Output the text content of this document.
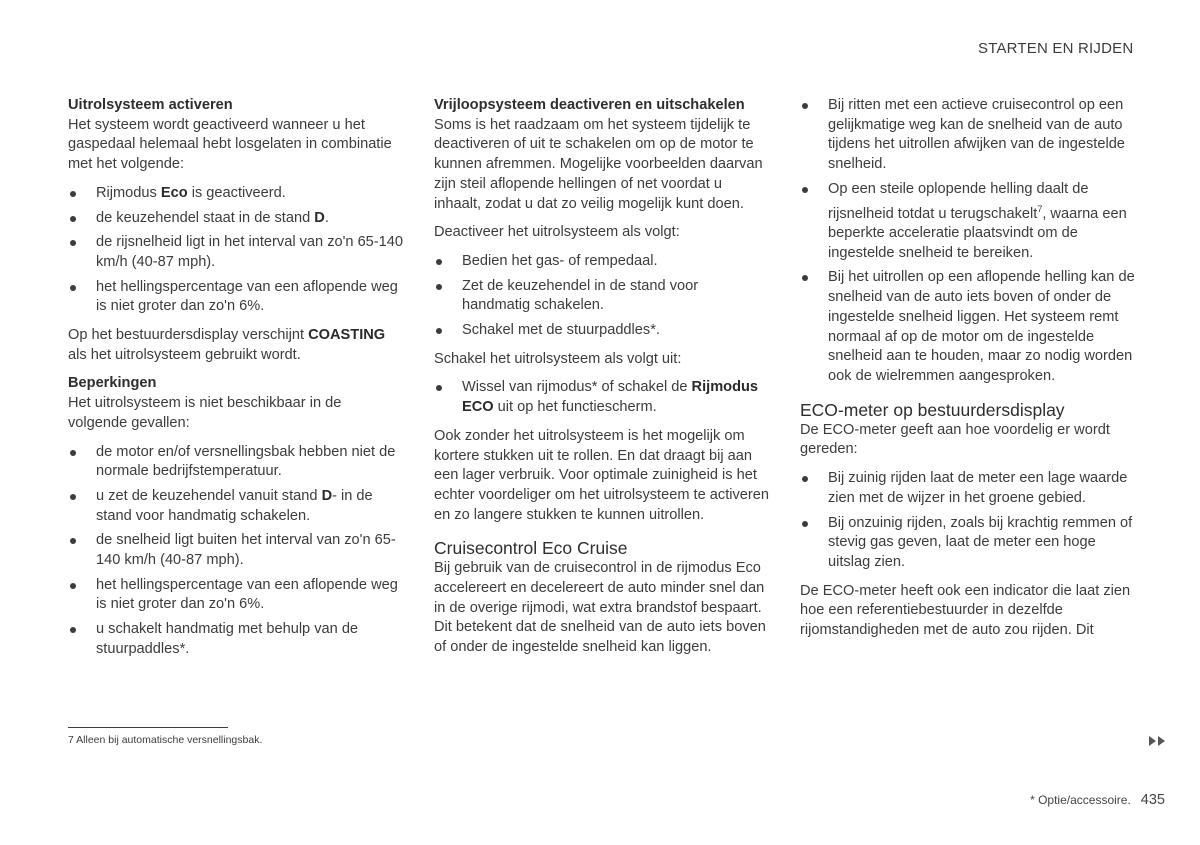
STARTEN EN RIJDEN
Uitrolsysteem activeren

Het systeem wordt geactiveerd wanneer u het gaspedaal helemaal hebt losgelaten in combinatie met het volgende:

Rijmodus Eco is geactiveerd.
de keuzehendel staat in de stand D.
de rijsnelheid ligt in het interval van zo'n 65-140 km/h (40-87 mph).
het hellingspercentage van een aflopende weg is niet groter dan zo'n 6%.

Op het bestuurdersdisplay verschijnt COASTING als het uitrolsysteem gebruikt wordt.

Beperkingen

Het uitrolsysteem is niet beschikbaar in de volgende gevallen:

de motor en/of versnellingsbak hebben niet de normale bedrijfstemperatuur.
u zet de keuzehendel vanuit stand D- in de stand voor handmatig schakelen.
de snelheid ligt buiten het interval van zo'n 65-140 km/h (40-87 mph).
het hellingspercentage van een aflopende weg is niet groter dan zo'n 6%.
u schakelt handmatig met behulp van de stuurpaddles*.
Vrijloopsysteem deactiveren en uitschakelen

Soms is het raadzaam om het systeem tijdelijk te deactiveren of uit te schakelen om op de motor te kunnen afremmen. Mogelijke voorbeelden daarvan zijn steil aflopende hellingen of net voordat u inhaalt, zodat u dat zo veilig mogelijk kunt doen.

Deactiveer het uitrolsysteem als volgt:

Bedien het gas- of rempedaal.
Zet de keuzehendel in de stand voor handmatig schakelen.
Schakel met de stuurpaddles*.

Schakel het uitrolsysteem als volgt uit:

Wissel van rijmodus* of schakel de Rijmodus ECO uit op het functiescherm.

Ook zonder het uitrolsysteem is het mogelijk om kortere stukken uit te rollen. En dat draagt bij aan een lager verbruik. Voor optimale zuinigheid is het echter voordeliger om het uitrolsysteem te activeren en zo langere stukken te kunnen uitrollen.

Cruisecontrol Eco Cruise

Bij gebruik van de cruisecontrol in de rijmodus Eco accelereert en decelereert de auto minder snel dan in de overige rijmodi, wat extra brandstof bespaart. Dit betekent dat de snelheid van de auto iets boven of onder de ingestelde snelheid kan liggen.

Bij ritten met een actieve cruisecontrol op een gelijkmatige weg kan de snelheid van de auto tijdens het uitrollen afwijken van de ingestelde snelheid.
Op een steile oplopende helling daalt de rijsnelheid totdat u terugschakelt$^7$, waarna een beperkte acceleratie plaatsvindt om de ingestelde snelheid te bereiken.
Bij het uitrollen op een aflopende helling kan de snelheid van de auto iets boven of onder de ingestelde snelheid liggen. Het systeem remt normaal af op de motor om de ingestelde snelheid aan te houden, maar zo nodig worden ook de wielremmen aangesproken.
ECO-meter op bestuurdersdisplay

De ECO-meter geeft aan hoe voordelig er wordt gereden:

Bij zuinig rijden laat de meter een lage waarde zien met de wijzer in het groene gebied.
Bij onzuinig rijden, zoals bij krachtig remmen of stevig gas geven, laat de meter een hoge uitslag zien.

De ECO-meter heeft ook een indicator die laat zien hoe een referentiebestuurder in dezelfde rijomstandigheden met de auto zou rijden. Dit

7 Alleen bij automatische versnellingsbak.
* Optie/accessoire. 435
